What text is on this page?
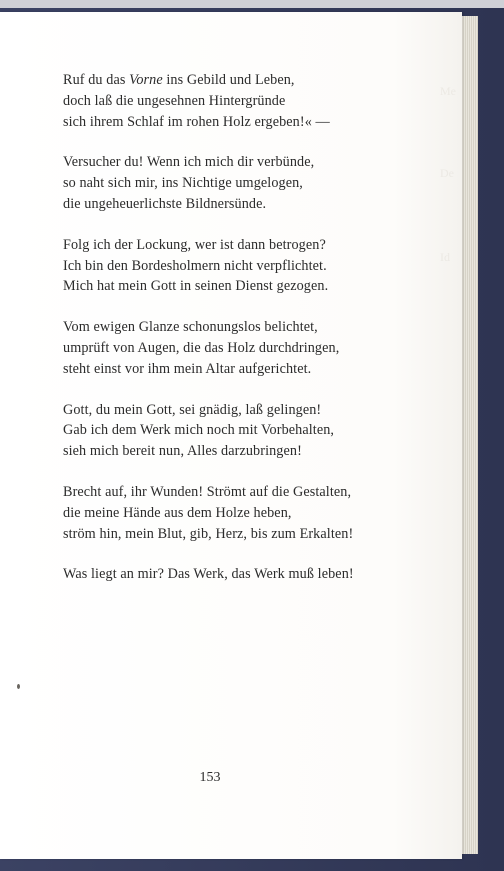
Me
De
Id
Ruf du das Vorne ins Gebild und Leben,
doch laß die ungesehnen Hintergründe
sich ihrem Schlaf im rohen Holz ergeben!« —
Versucher du! Wenn ich mich dir verbünde,
so naht sich mir, ins Nichtige umgelogen,
die ungeheuerlichste Bildnersünde.
Folg ich der Lockung, wer ist dann betrogen?
Ich bin den Bordesholmern nicht verpflichtet.
Mich hat mein Gott in seinen Dienst gezogen.
Vom ewigen Glanze schonungslos belichtet,
umprüft von Augen, die das Holz durchdringen,
steht einst vor ihm mein Altar aufgerichtet.
Gott, du mein Gott, sei gnädig, laß gelingen!
Gab ich dem Werk mich noch mit Vorbehalten,
sieh mich bereit nun, Alles darzubringen!
Brecht auf, ihr Wunden! Strömt auf die Gestalten,
die meine Hände aus dem Holze heben,
ström hin, mein Blut, gib, Herz, bis zum Erkalten!
Was liegt an mir? Das Werk, das Werk muß leben!
153
